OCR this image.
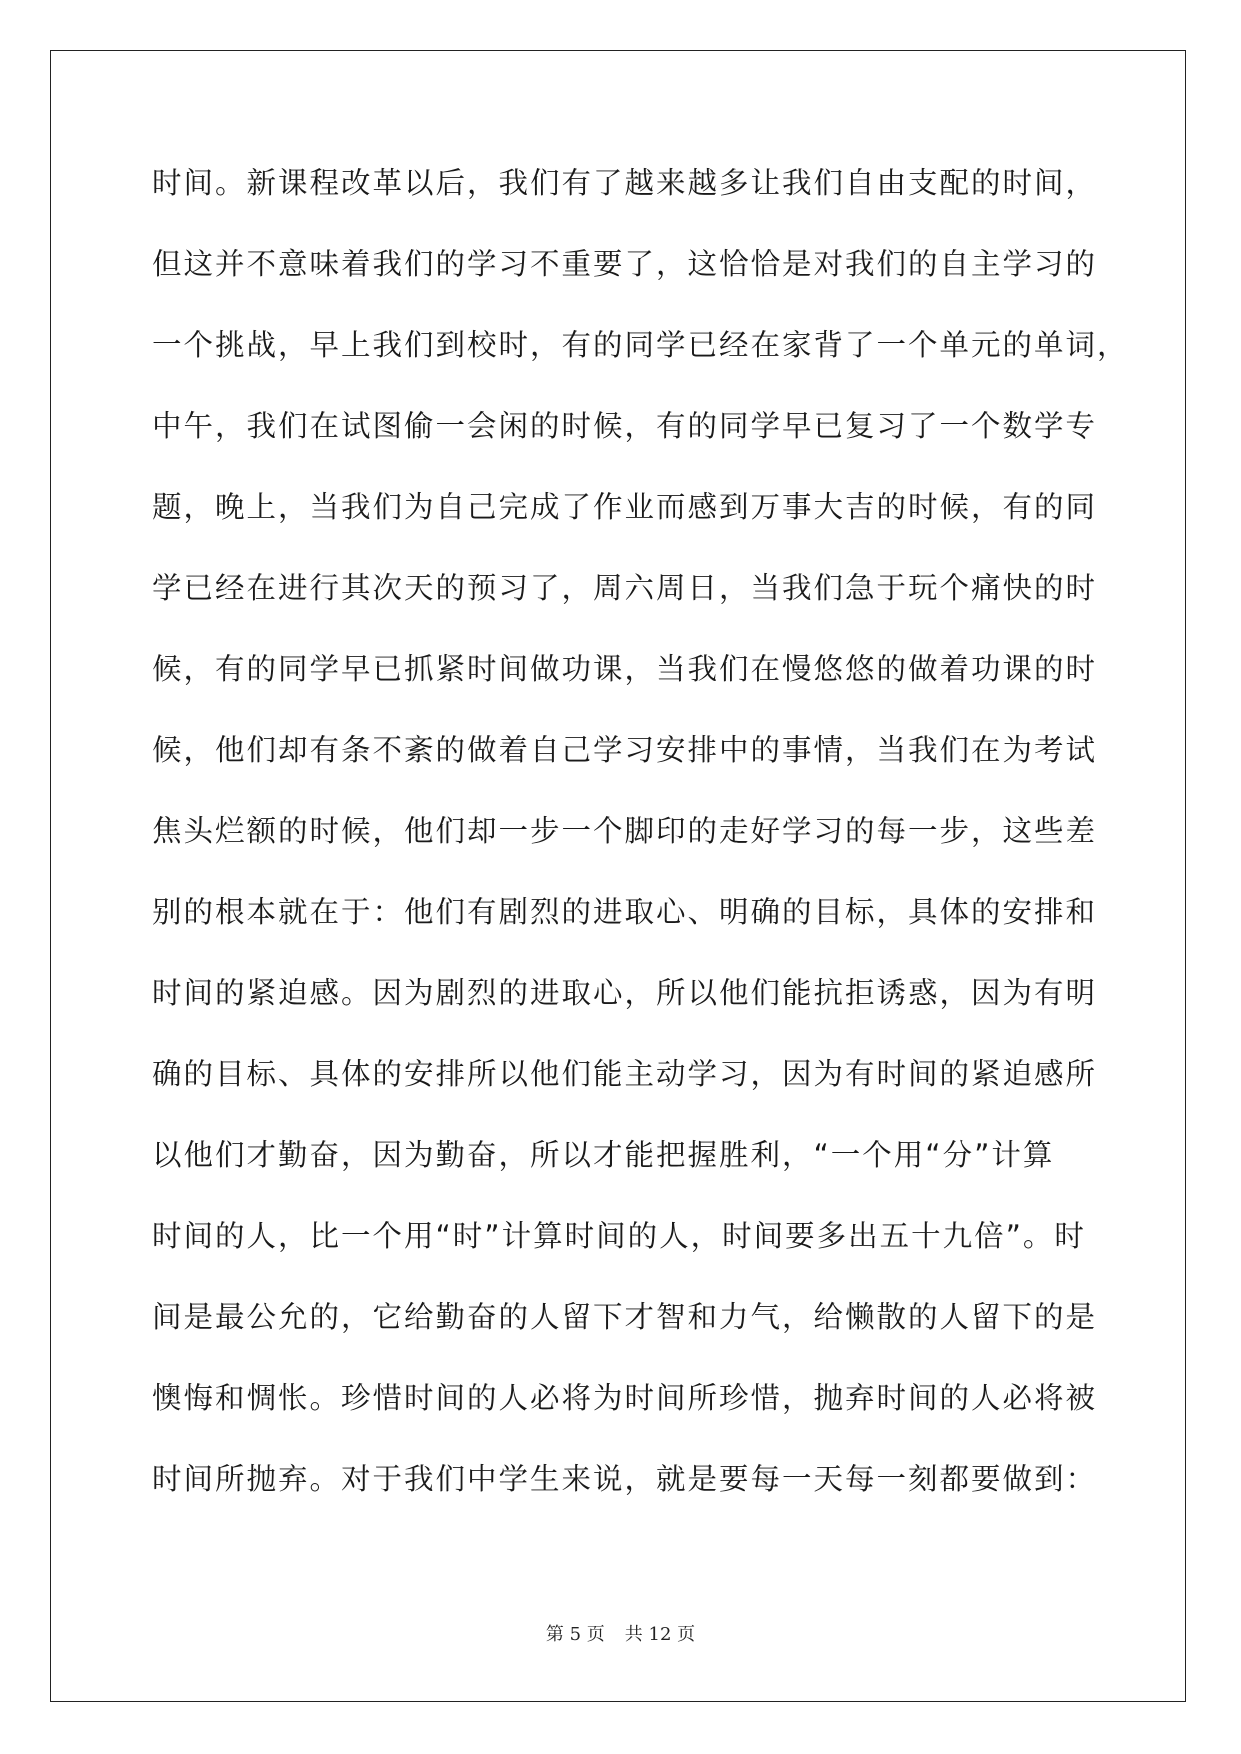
时间。新课程改革以后，我们有了越来越多让我们自由支配的时间，
但这并不意味着我们的学习不重要了，这恰恰是对我们的自主学习的
一个挑战，早上我们到校时，有的同学已经在家背了一个单元的单词，
中午，我们在试图偷一会闲的时候，有的同学早已复习了一个数学专
题，晚上，当我们为自己完成了作业而感到万事大吉的时候，有的同
学已经在进行其次天的预习了，周六周日，当我们急于玩个痛快的时
候，有的同学早已抓紧时间做功课，当我们在慢悠悠的做着功课的时
候，他们却有条不紊的做着自己学习安排中的事情，当我们在为考试
焦头烂额的时候，他们却一步一个脚印的走好学习的每一步，这些差
别的根本就在于：他们有剧烈的进取心、明确的目标，具体的安排和
时间的紧迫感。因为剧烈的进取心，所以他们能抗拒诱惑，因为有明
确的目标、具体的安排所以他们能主动学习，因为有时间的紧迫感所
以他们才勤奋，因为勤奋，所以才能把握胜利，“一个用“分”计算
时间的人，比一个用“时”计算时间的人，时间要多出五十九倍”。时
间是最公允的，它给勤奋的人留下才智和力气，给懒散的人留下的是
懊悔和惆怅。珍惜时间的人必将为时间所珍惜，抛弃时间的人必将被
时间所抛弃。对于我们中学生来说，就是要每一天每一刻都要做到：
第 5 页 共 12 页
